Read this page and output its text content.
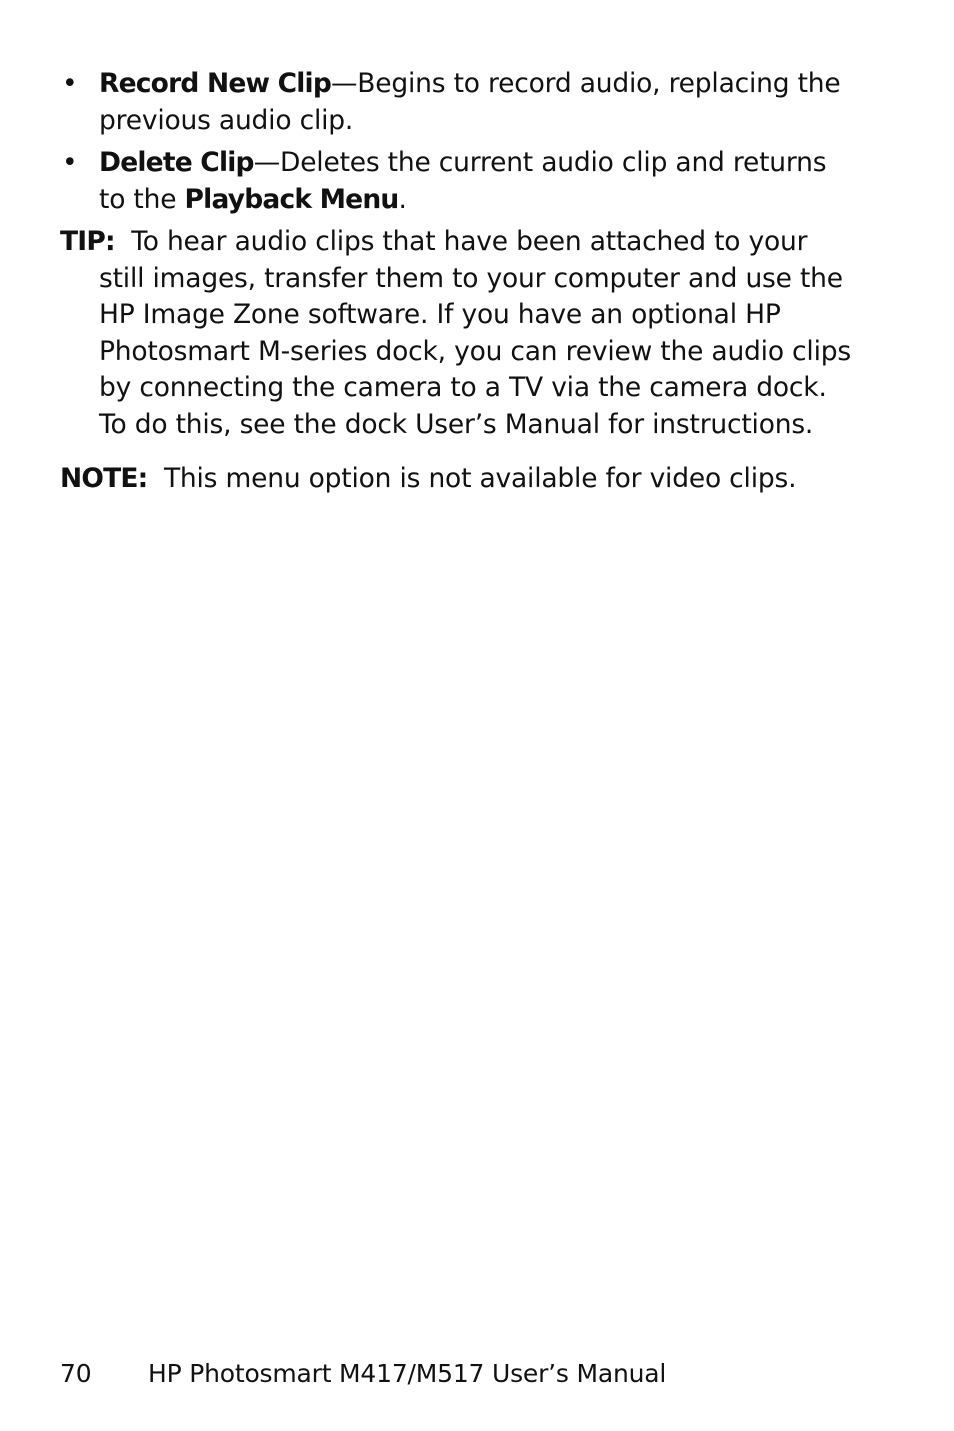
• Record New Clip—Begins to record audio, replacing the previous audio clip.
• Delete Clip—Deletes the current audio clip and returns to the Playback Menu.
TIP: To hear audio clips that have been attached to your still images, transfer them to your computer and use the HP Image Zone software. If you have an optional HP Photosmart M-series dock, you can review the audio clips by connecting the camera to a TV via the camera dock. To do this, see the dock User’s Manual for instructions.
NOTE: This menu option is not available for video clips.
70 HP Photosmart M417/M517 User’s Manual
